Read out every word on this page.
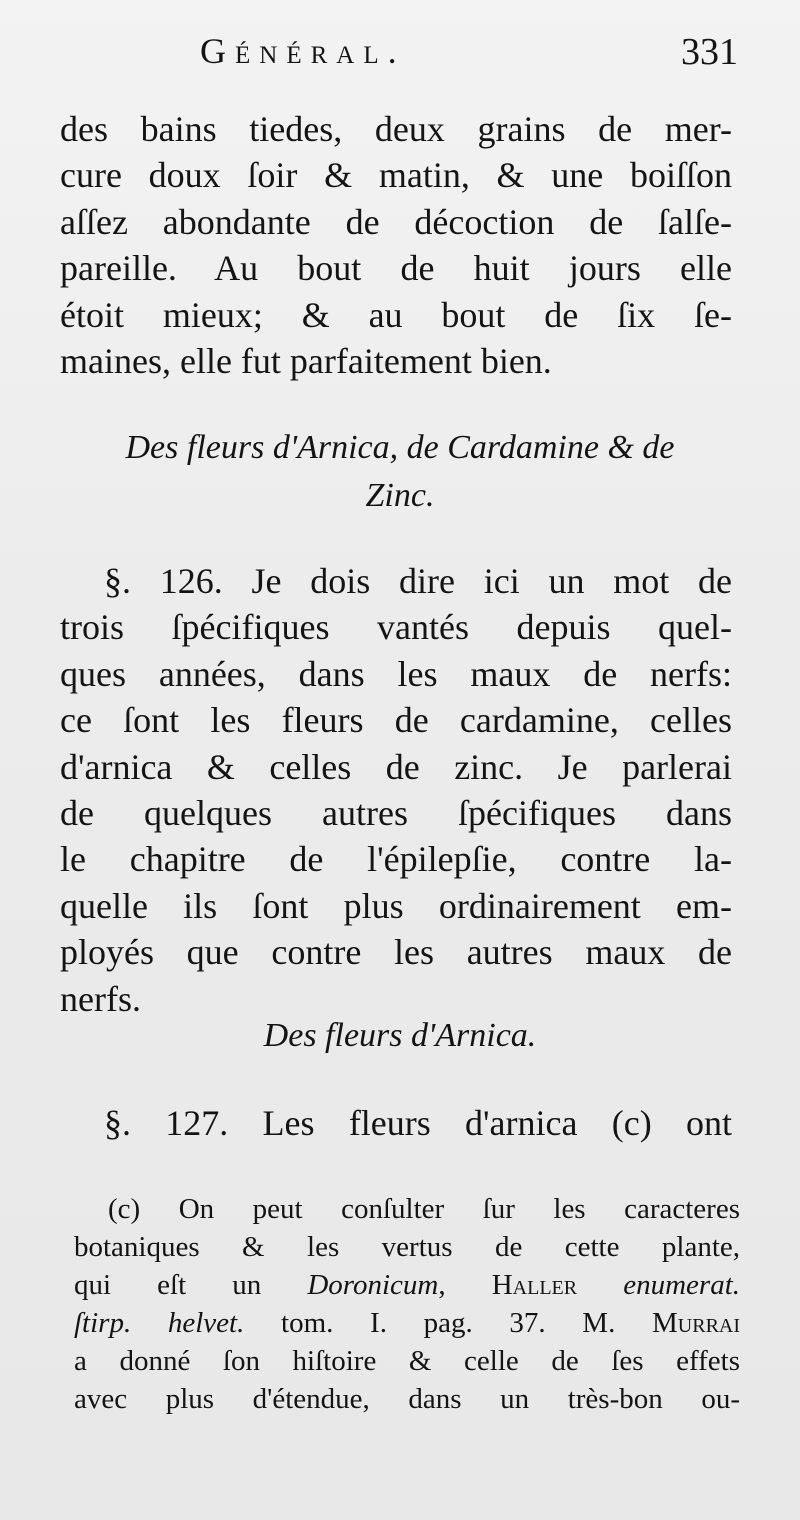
Général.	331
des bains tiedes, deux grains de mer-
cure doux ſoir & matin, & une boiſſon
aſſez abondante de décoction de ſalſe-
pareille. Au bout de huit jours elle
étoit mieux; & au bout de ſix ſe-
maines, elle fut parfaitement bien.
Des fleurs d'Arnica, de Cardamine & de
Zinc.
§. 126. Je dois dire ici un mot de
trois ſpécifiques vantés depuis quel-
ques années, dans les maux de nerfs:
ce ſont les fleurs de cardamine, celles
d'arnica & celles de zinc. Je parlerai
de quelques autres ſpécifiques dans
le chapitre de l'épilepſie, contre la-
quelle ils ſont plus ordinairement em-
ployés que contre les autres maux de
nerfs.
Des fleurs d'Arnica.
§. 127. Les fleurs d'arnica (c) ont
(c) On peut conſulter ſur les caracteres
botaniques & les vertus de cette plante,
qui eſt un Doronicum, Haller enumerat.
ſtirp. helvet. tom. I. pag. 37. M. Murrai
a donné ſon hiſtoire & celle de ſes effets
avec plus d'étendue, dans un très-bon ou-
